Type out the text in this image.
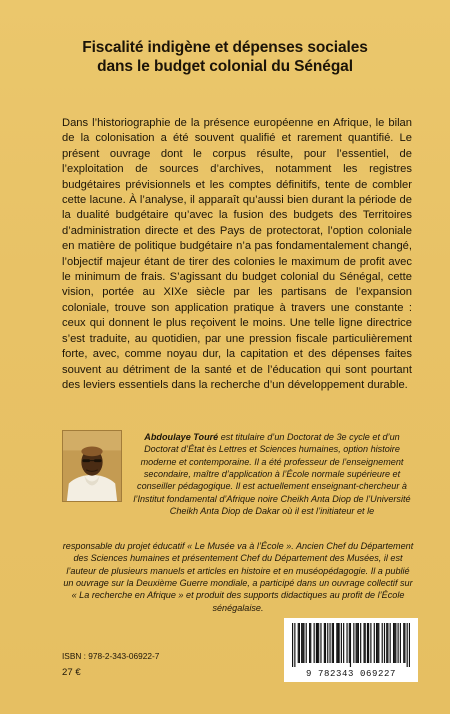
Fiscalité indigène et dépenses sociales
dans le budget colonial du Sénégal

Dans l’historiographie de la présence européenne en Afrique, le bilan de la colonisation a été souvent qualifié et rarement quantifié. Le présent ouvrage dont le corpus résulte, pour l’essentiel, de l’exploitation de sources d’archives, notamment les registres budgétaires prévisionnels et les comptes définitifs, tente de combler cette lacune. À l’analyse, il apparaît qu’aussi bien durant la période de la dualité budgétaire qu’avec la fusion des budgets des Territoires d’administration directe et des Pays de protectorat, l’option coloniale en matière de politique budgétaire n’a pas fondamentalement changé, l’objectif majeur étant de tirer des colonies le maximum de profit avec le minimum de frais. S’agissant du budget colonial du Sénégal, cette vision, portée au XIXe siècle par les partisans de l’expansion coloniale, trouve son application pratique à travers une constante : ceux qui donnent le plus reçoivent le moins. Une telle ligne directrice s’est traduite, au quotidien, par une pression fiscale particulièrement forte, avec, comme noyau dur, la capitation et des dépenses faites souvent au détriment de la santé et de l’éducation qui sont pourtant des leviers essentiels dans la recherche d’un développement durable.

Abdoulaye Touré est titulaire d’un Doctorat de 3e cycle et d’un Doctorat d’État ès Lettres et Sciences humaines, option histoire moderne et contemporaine. Il a été professeur de l’enseignement secondaire, maître d’application à l’École normale supérieure et conseiller pédagogique. Il est actuellement enseignant-chercheur à l’Institut fondamental d’Afrique noire Cheikh Anta Diop de l’Université Cheikh Anta Diop de Dakar où il est l’initiateur et le
responsable du projet éducatif « Le Musée va à l’École ». Ancien Chef du Département des Sciences humaines et présentement Chef du Département des Musées, il est l’auteur de plusieurs manuels et articles en histoire et en muséopédagogie. Il a publié un ouvrage sur la Deuxième Guerre mondiale, a participé dans un ouvrage collectif sur « La recherche en Afrique » et produit des supports didactiques au profit de l’École sénégalaise.
ISBN : 978-2-343-06922-7
27 €	9 782343 069227
